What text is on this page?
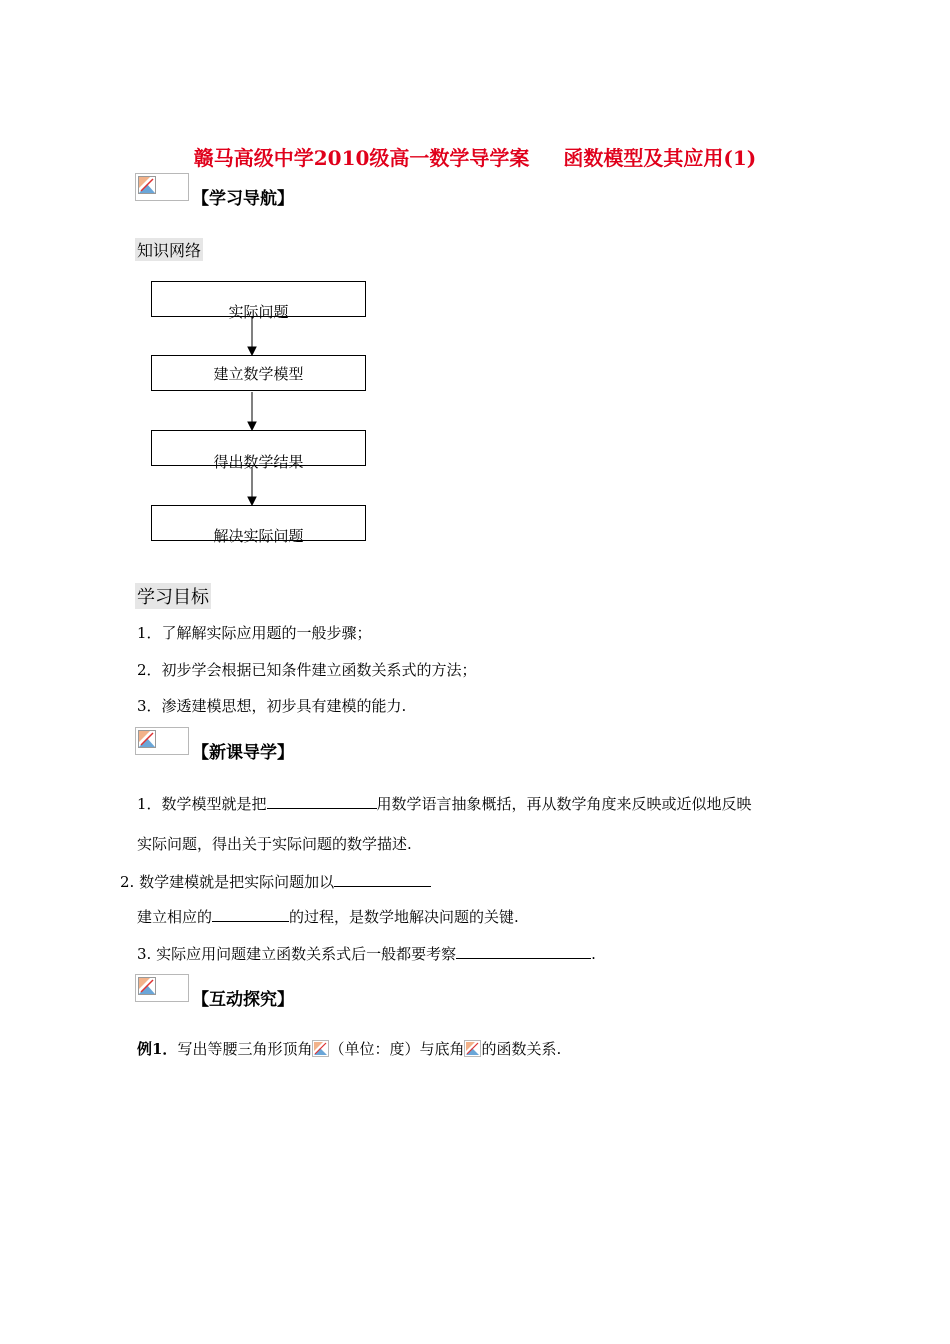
赣马高级中学2010级高一数学导学案 函数模型及其应用(1)
【学习导航】
知识网络
实际问题
建立数学模型
得出数学结果
解决实际问题
学习目标
1．了解解实际应用题的一般步骤；
2．初步学会根据已知条件建立函数关系式的方法；
3．渗透建模思想，初步具有建模的能力.
【新课导学】
1．数学模型就是把	用数学语言抽象概括，再从数学角度来反映或近似地反映
实际问题，得出关于实际问题的数学描述.
2. 数学建模就是把实际问题加以
建立相应的	的过程，是数学地解决问题的关键.
3. 实际应用问题建立函数关系式后一般都要考察	.
【互动探究】
例1．写出等腰三角形顶角 （单位：度）与底角 的函数关系.
